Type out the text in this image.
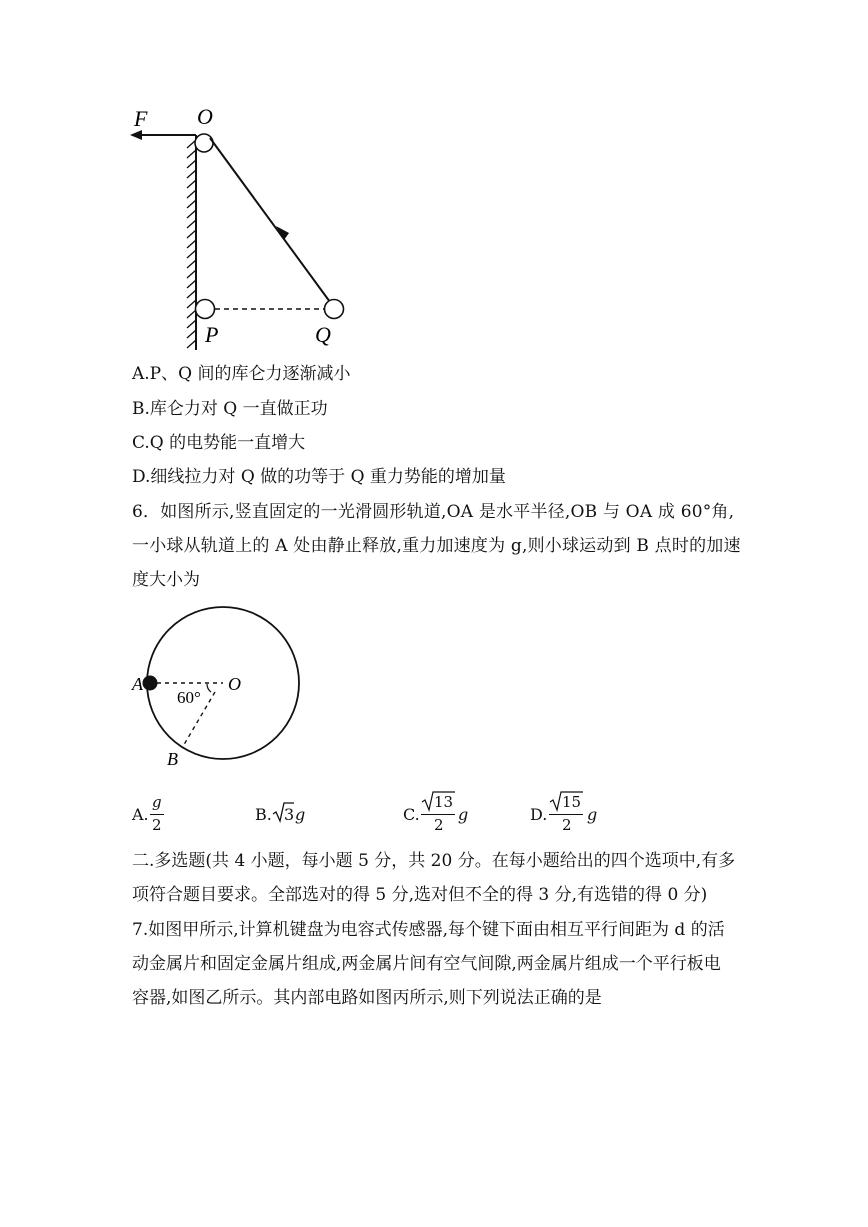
F O
P	Q
A.P、Q 间的库仑力逐渐减小
B.库仑力对 Q 一直做正功
C.Q 的电势能一直增大
D.细线拉力对 Q 做的功等于 Q 重力势能的增加量
6．如图所示,竖直固定的一光滑圆形轨道,OA 是水平半径,OB 与 OA 成 60°角,
一小球从轨道上的 A 处由静止释放,重力加速度为 g,则小球运动到 B 点时的加速
度大小为
A	O
B
60°
A.
g
2
B. 3 g	C.
13
2
g	D.
15
2
g
二.多选题(共 4 小题，每小题 5 分，共 20 分。在每小题给出的四个选项中,有多
项符合题目要求。全部选对的得 5 分,选对但不全的得 3 分,有选错的得 0 分)
7.如图甲所示,计算机键盘为电容式传感器,每个键下面由相互平行间距为 d 的活
动金属片和固定金属片组成,两金属片间有空气间隙,两金属片组成一个平行板电
容器,如图乙所示。其内部电路如图丙所示,则下列说法正确的是
